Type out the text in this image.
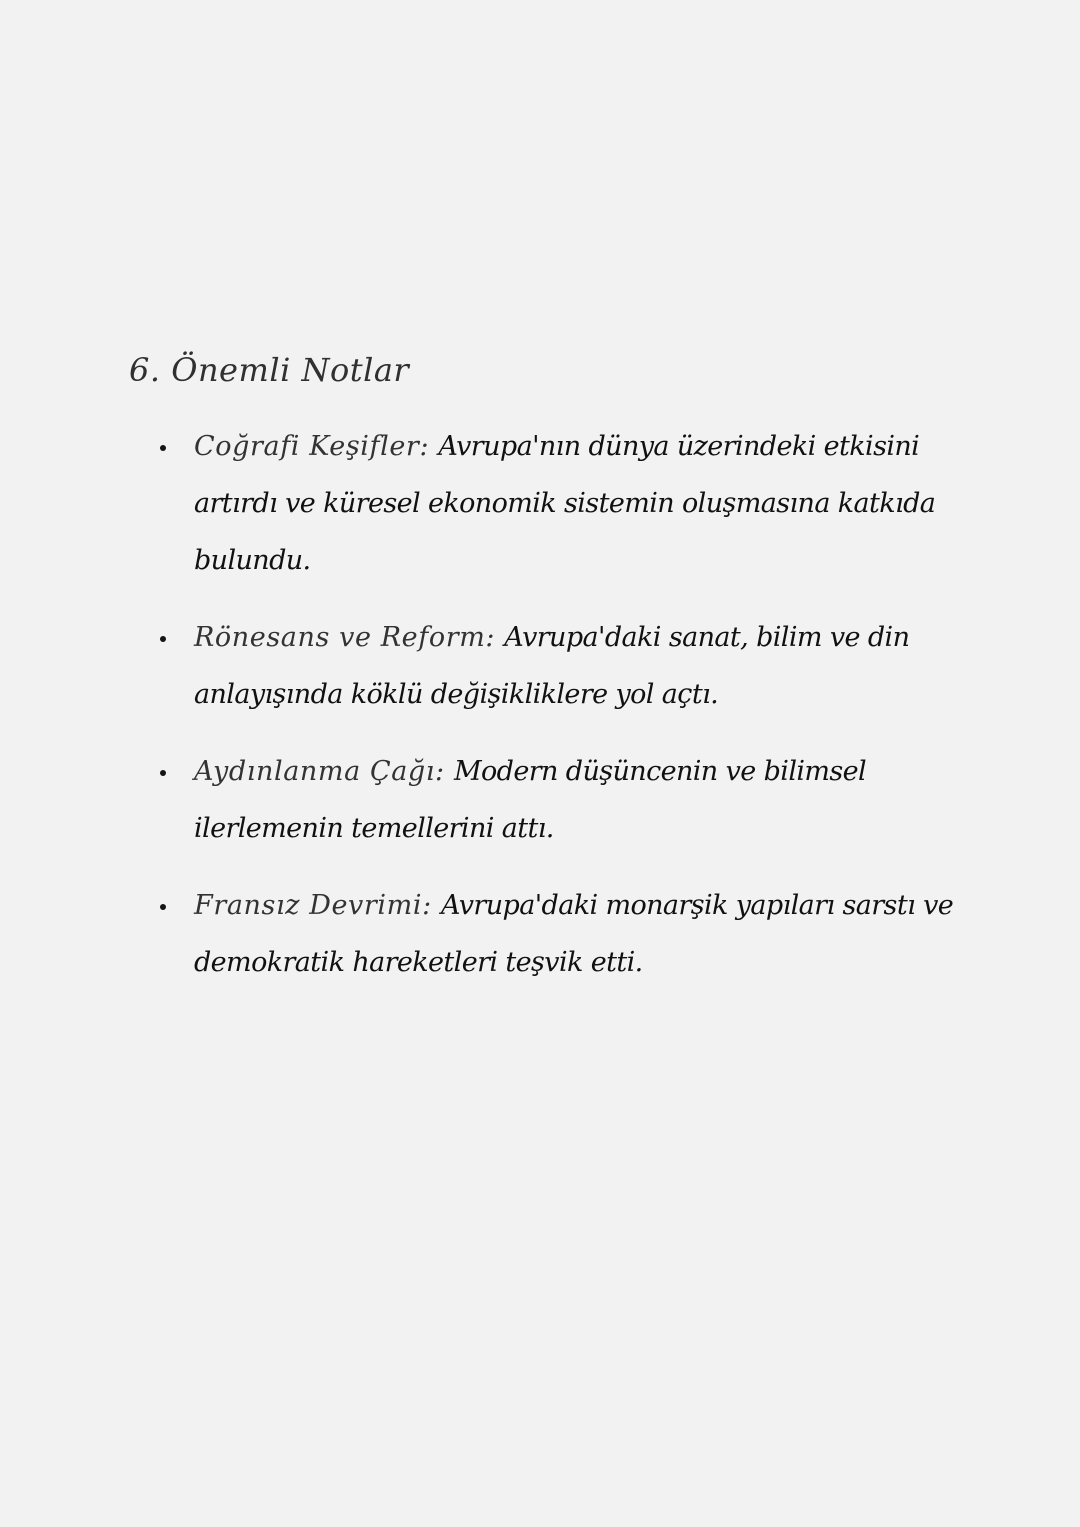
6. Önemli Notlar
Coğrafi Keşifler: Avrupa'nın dünya üzerindeki etkisini artırdı ve küresel ekonomik sistemin oluşmasına katkıda bulundu.
Rönesans ve Reform: Avrupa'daki sanat, bilim ve din anlayışında köklü değişikliklere yol açtı.
Aydınlanma Çağı: Modern düşüncenin ve bilimsel ilerlemenin temellerini attı.
Fransız Devrimi: Avrupa'daki monarşik yapıları sarstı ve demokratik hareketleri teşvik etti.
